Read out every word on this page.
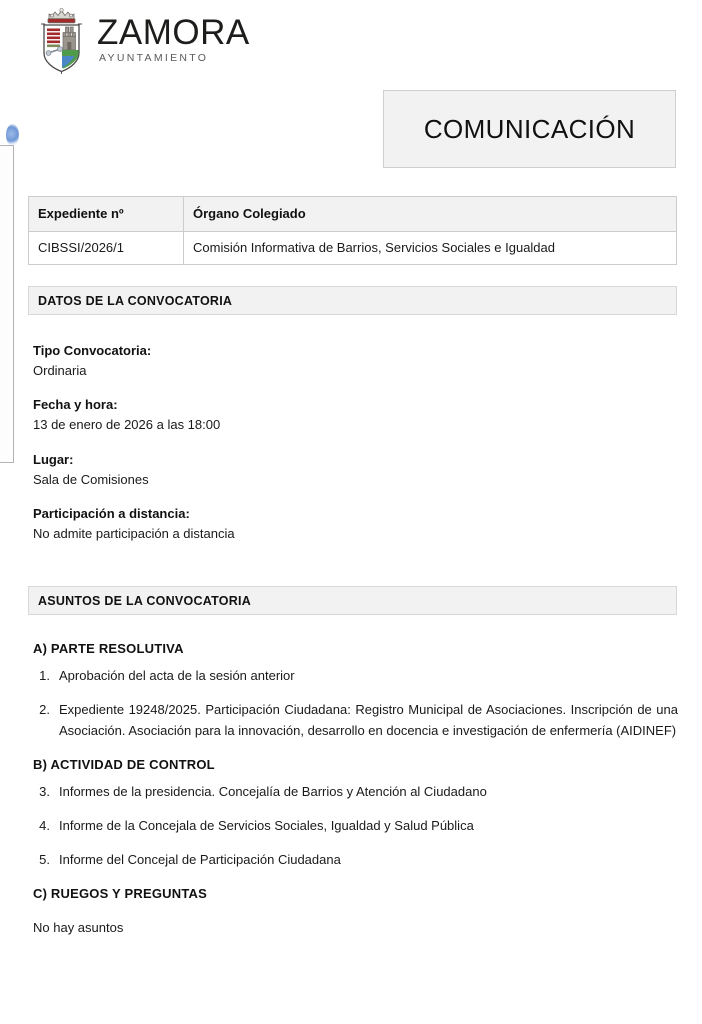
ZAMORA
AYUNTAMIENTO
COMUNICACIÓN
Expediente nº	Órgano Colegiado
CIBSSI/2026/1	Comisión Informativa de Barrios, Servicios Sociales e Igualdad
DATOS DE LA CONVOCATORIA
Tipo Convocatoria:
Ordinaria
Fecha y hora:
13 de enero de 2026 a las 18:00
Lugar:
Sala de Comisiones
Participación a distancia:
No admite participación a distancia
ASUNTOS DE LA CONVOCATORIA
A) PARTE RESOLUTIVA
1. Aprobación del acta de la sesión anterior
2. Expediente 19248/2025. Participación Ciudadana: Registro Municipal de Asociaciones. Inscripción de una Asociación. Asociación para la innovación, desarrollo en docencia e investigación de enfermería (AIDINEF)
B) ACTIVIDAD DE CONTROL
3. Informes de la presidencia. Concejalía de Barrios y Atención al Ciudadano
4. Informe de la Concejala de Servicios Sociales, Igualdad y Salud Pública
5. Informe del Concejal de Participación Ciudadana
C) RUEGOS Y PREGUNTAS

No hay asuntos
